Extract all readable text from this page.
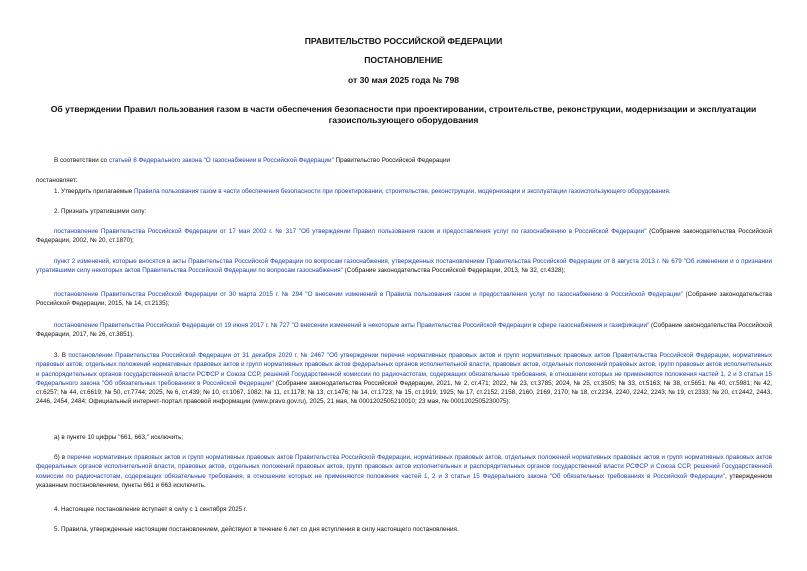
ПРАВИТЕЛЬСТВО РОССИЙСКОЙ ФЕДЕРАЦИИ
ПОСТАНОВЛЕНИЕ
от 30 мая 2025 года № 798
Об утверждении Правил пользования газом в части обеспечения безопасности при проектировании, строительстве, реконструкции, модернизации и эксплуатации газоиспользующего оборудования
В соответствии со статьей 8 Федерального закона "О газоснабжении в Российской Федерации" Правительство Российской Федерации
постановляет:
1. Утвердить прилагаемые Правила пользования газом в части обеспечения безопасности при проектировании, строительстве, реконструкции, модернизации и эксплуатации газоиспользующего оборудования.
2. Признать утратившими силу:
постановление Правительства Российской Федерации от 17 мая 2002 г. № 317 "Об утверждении Правил пользования газом и предоставления услуг по газоснабжению в Российской Федерации" (Собрание законодательства Российской Федерации, 2002, № 20, ст.1870);
пункт 2 изменений, которые вносятся в акты Правительства Российской Федерации по вопросам газоснабжения, утвержденных постановлением Правительства Российской Федерации от 8 августа 2013 г. № 679 "Об изменении и о признании утратившими силу некоторых актов Правительства Российской Федерации по вопросам газоснабжения" (Собрание законодательства Российской Федерации, 2013, № 32, ст.4328);
постановление Правительства Российской Федерации от 30 марта 2015 г. № 294 "О внесении изменений в Правила пользования газом и предоставления услуг по газоснабжению в Российской Федерации" (Собрание законодательства Российской Федерации, 2015, № 14, ст.2135);
постановление Правительства Российской Федерации от 19 июня 2017 г. № 727 "О внесении изменений в некоторые акты Правительства Российской Федерации в сфере газоснабжения и газификации" (Собрание законодательства Российской Федерации, 2017, № 26, ст.3851).
3. В постановлении Правительства Российской Федерации от 31 декабря 2020 г. № 2467 "Об утверждении перечня нормативных правовых актов и групп нормативных правовых актов Правительства Российской Федерации, нормативных правовых актов, отдельных положений нормативных правовых актов и групп нормативных правовых актов федеральных органов исполнительной власти, правовых актов, отдельных положений правовых актов, групп правовых актов исполнительных и распорядительных органов государственной власти РСФСР и Союза ССР, решений Государственной комиссии по радиочастотам, содержащих обязательные требования, в отношении которых не применяются положения частей 1, 2 и 3 статьи 15 Федерального закона "Об обязательных требованиях в Российской Федерации" (Собрание законодательства Российской Федерации, 2021, № 2, ст.471; 2022, № 23, ст.3785; 2024, № 25, ст.3505; № 33, ст.5163; № 38, ст.5651; № 40, ст.5981; № 42, ст.6257; № 44, ст.6619; № 50, ст.7744; 2025, № 6, ст.439; № 10, ст.1067, 1082; № 11, ст.1178; № 13, ст.1476; № 14, ст.1723; № 15, ст.1919, 1925; № 17, ст.2152, 2158, 2160, 2169, 2170; № 18, ст.2234, 2240, 2242, 2243; № 19, ст.2333; № 20, ст.2442, 2443, 2446, 2454, 2484; Официальный интернет-портал правовой информации (www.pravo.gov.ru), 2025, 21 мая, № 0001202505210010; 23 мая, № 0001202505230075):
а) в пункте 10 цифры "661, 663," исключить;
б) в перечне нормативных правовых актов и групп нормативных правовых актов Правительства Российской Федерации, нормативных правовых актов, отдельных положений нормативных правовых актов и групп нормативных правовых актов федеральных органов исполнительной власти, правовых актов, отдельных положений правовых актов, групп правовых актов исполнительных и распорядительных органов государственной власти РСФСР и Союза ССР, решений Государственной комиссии по радиочастотам, содержащих обязательные требования, в отношении которых не применяются положения частей 1, 2 и 3 статьи 15 Федерального закона "Об обязательных требованиях в Российской Федерации", утвержденном указанным постановлением, пункты 661 и 663 исключить.
4. Настоящее постановление вступает в силу с 1 сентября 2025 г.
5. Правила, утвержденные настоящим постановлением, действуют в течение 6 лет со дня вступления в силу настоящего постановления.
